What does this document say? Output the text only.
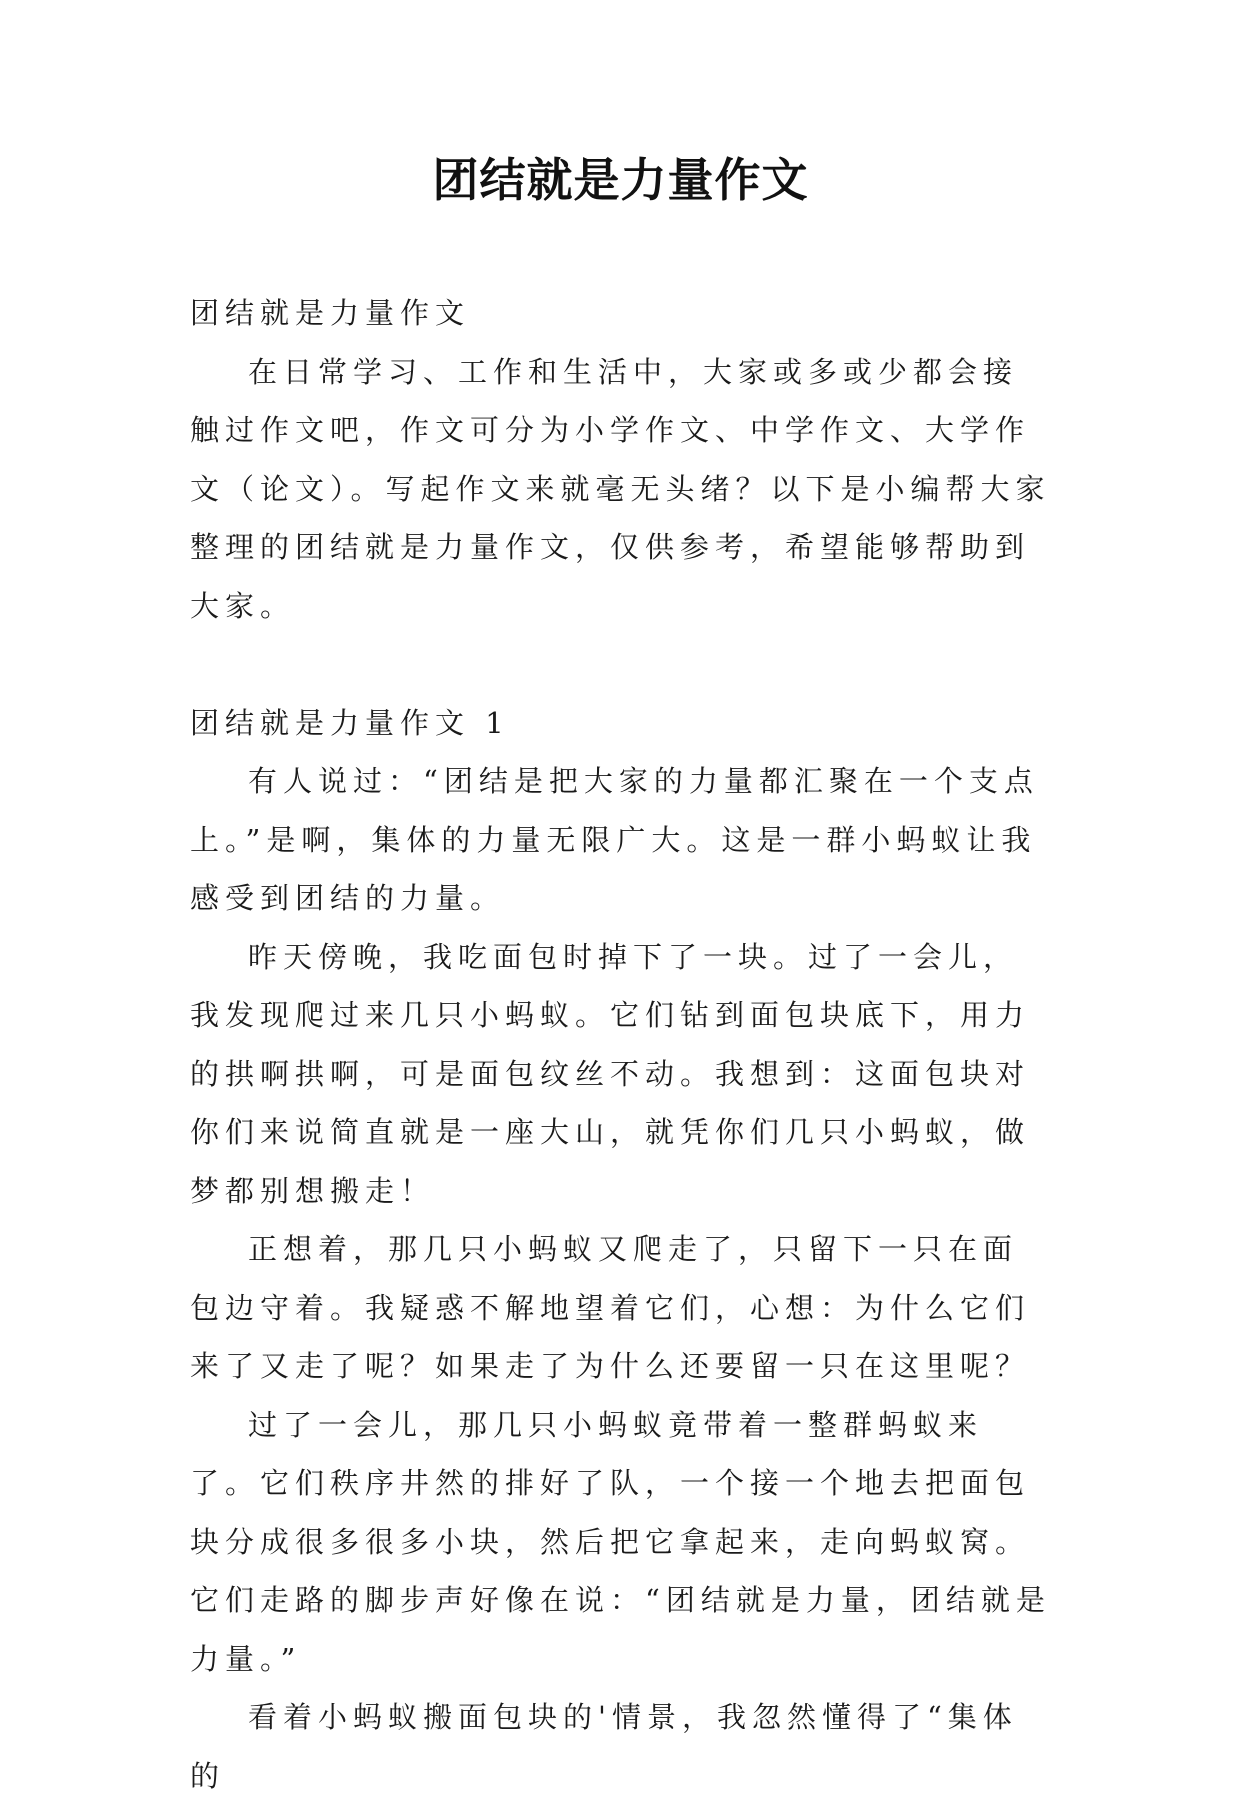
团结就是力量作文

团结就是力量作文

在日常学习、工作和生活中，大家或多或少都会接触过作文吧，作文可分为小学作文、中学作文、大学作文（论文）。写起作文来就毫无头绪？以下是小编帮大家整理的团结就是力量作文，仅供参考，希望能够帮助到大家。

团结就是力量作文 1

有人说过：“团结是把大家的力量都汇聚在一个支点上。”是啊，集体的力量无限广大。这是一群小蚂蚁让我感受到团结的力量。

昨天傍晚，我吃面包时掉下了一块。过了一会儿，我发现爬过来几只小蚂蚁。它们钻到面包块底下，用力的拱啊拱啊，可是面包纹丝不动。我想到：这面包块对你们来说简直就是一座大山，就凭你们几只小蚂蚁，做梦都别想搬走！

正想着，那几只小蚂蚁又爬走了，只留下一只在面包边守着。我疑惑不解地望着它们，心想：为什么它们来了又走了呢？如果走了为什么还要留一只在这里呢？

过了一会儿，那几只小蚂蚁竟带着一整群蚂蚁来了。它们秩序井然的排好了队，一个接一个地去把面包块分成很多很多小块，然后把它拿起来，走向蚂蚁窝。它们走路的脚步声好像在说：“团结就是力量，团结就是力量。”

看着小蚂蚁搬面包块的'情景，我忽然懂得了“集体的
